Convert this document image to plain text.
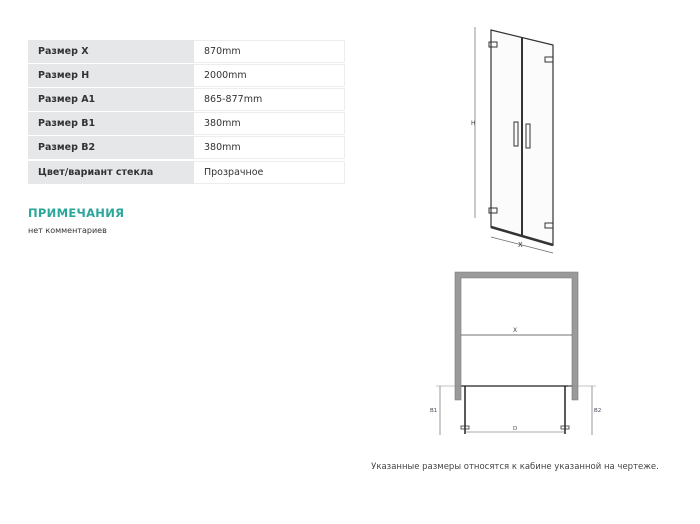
Размер X	870mm
Размер H	2000mm
Размер A1	865-877mm
Размер B1	380mm
Размер B2	380mm
Цвет/вариант стекла	Прозрачное
ПРИМЕЧАНИЯ
нет комментариев
H
X
X
B1	B2
D
Указанные размеры относятся к кабине указанной на чертеже.
